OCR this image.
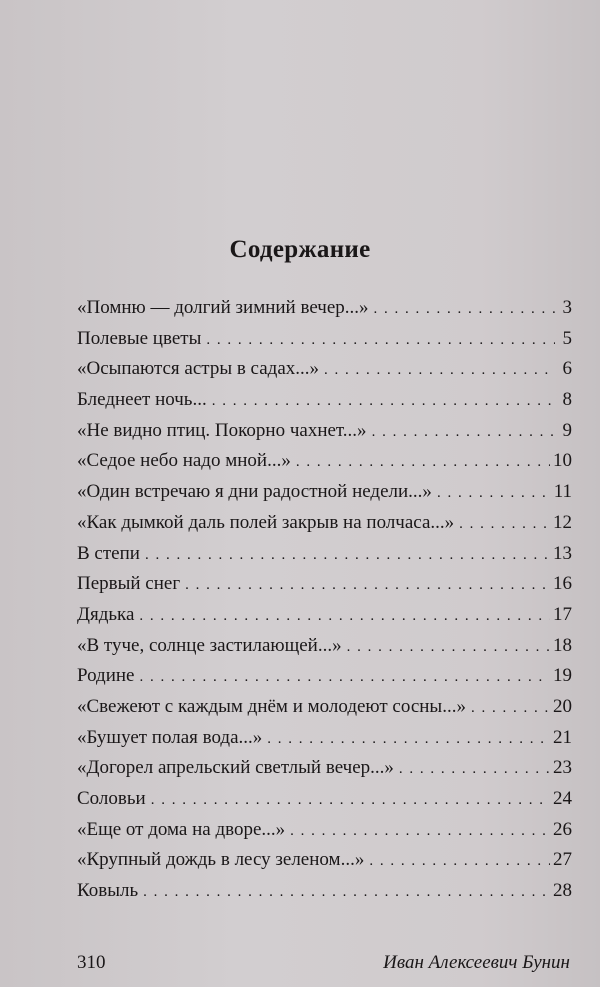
Содержание
«Помню — долгий зимний вечер...» . . .	3
Полевые цветы . . .	5
«Осыпаются астры в садах...» . . .	6
Бледнеет ночь... . . .	8
«Не видно птиц. Покорно чахнет...» . . .	9
«Седое небо надо мной...» . . .	10
«Один встречаю я дни радостной недели...» . . .	11
«Как дымкой даль полей закрыв на полчаса...» . . .	12
В степи . . .	13
Первый снег . . .	16
Дядька . . .	17
«В туче, солнце застилающей...» . . .	18
Родине . . .	19
«Свежеют с каждым днём и молодеют сосны...» . . .	20
«Бушует полая вода...» . . .	21
«Догорел апрельский светлый вечер...» . . .	23
Соловьи . . .	24
«Еще от дома на дворе...» . . .	26
«Крупный дождь в лесу зеленом...» . . .	27
Ковыль . . .	28
310	Иван Алексеевич Бунин
